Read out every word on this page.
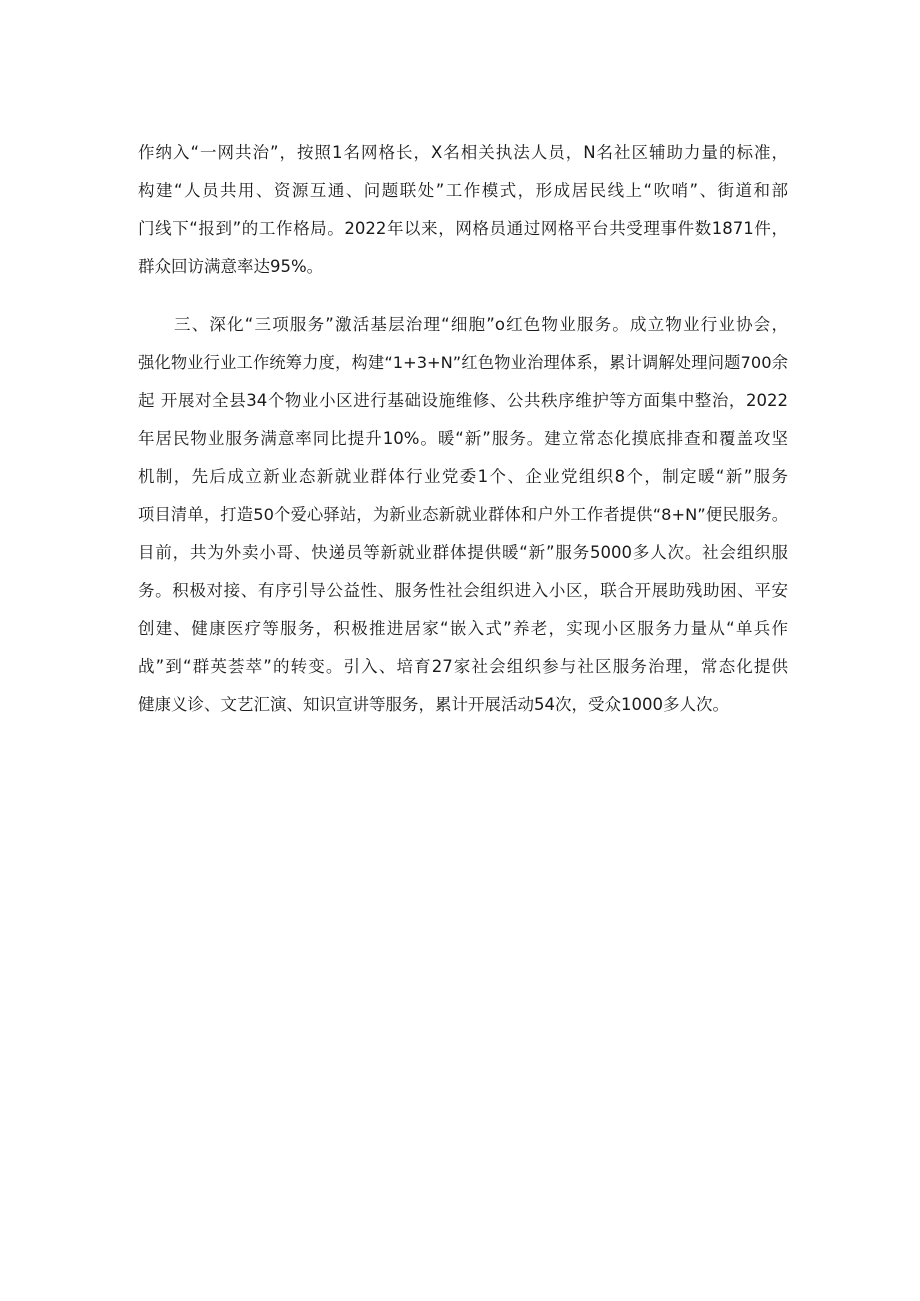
作纳入“一网共治”，按照1名网格长，X名相关执法人员，N名社区辅助力量的标准，
构建“人员共用、资源互通、问题联处”工作模式，形成居民线上“吹哨”、街道和部
门线下“报到”的工作格局。2022年以来，网格员通过网格平台共受理事件数1871件，
群众回访满意率达95%。
三、深化“三项服务”激活基层治理“细胞”o红色物业服务。成立物业行业协会，
强化物业行业工作统筹力度，构建“1+3+N”红色物业治理体系，累计调解处理问题700余
起 开展对全县34个物业小区进行基础设施维修、公共秩序维护等方面集中整治，2022
年居民物业服务满意率同比提升10%。暖“新”服务。建立常态化摸底排查和覆盖攻坚
机制，先后成立新业态新就业群体行业党委1个、企业党组织8个，制定暖“新”服务
项目清单，打造50个爱心驿站，为新业态新就业群体和户外工作者提供“8+N”便民服务。
目前，共为外卖小哥、快递员等新就业群体提供暖“新”服务5000多人次。社会组织服
务。积极对接、有序引导公益性、服务性社会组织进入小区，联合开展助残助困、平安
创建、健康医疗等服务，积极推进居家“嵌入式”养老，实现小区服务力量从“单兵作
战”到“群英荟萃”的转变。引入、培育27家社会组织参与社区服务治理，常态化提供
健康义诊、文艺汇演、知识宣讲等服务，累计开展活动54次，受众1000多人次。
